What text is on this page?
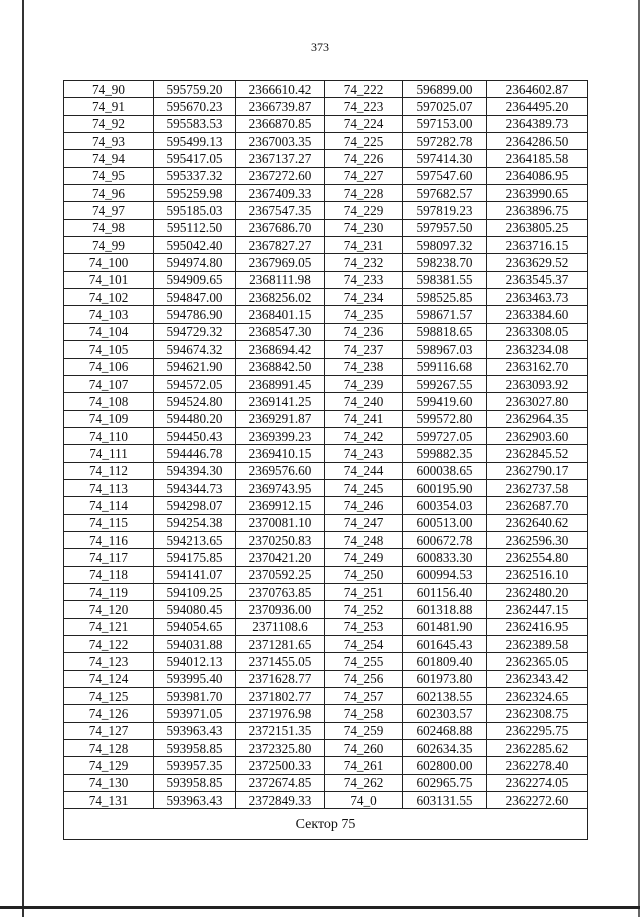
373
74_90	595759.20	2366610.42	74_222	596899.00	2364602.87
74_91	595670.23	2366739.87	74_223	597025.07	2364495.20
74_92	595583.53	2366870.85	74_224	597153.00	2364389.73
74_93	595499.13	2367003.35	74_225	597282.78	2364286.50
74_94	595417.05	2367137.27	74_226	597414.30	2364185.58
74_95	595337.32	2367272.60	74_227	597547.60	2364086.95
74_96	595259.98	2367409.33	74_228	597682.57	2363990.65
74_97	595185.03	2367547.35	74_229	597819.23	2363896.75
74_98	595112.50	2367686.70	74_230	597957.50	2363805.25
74_99	595042.40	2367827.27	74_231	598097.32	2363716.15
74_100	594974.80	2367969.05	74_232	598238.70	2363629.52
74_101	594909.65	2368111.98	74_233	598381.55	2363545.37
74_102	594847.00	2368256.02	74_234	598525.85	2363463.73
74_103	594786.90	2368401.15	74_235	598671.57	2363384.60
74_104	594729.32	2368547.30	74_236	598818.65	2363308.05
74_105	594674.32	2368694.42	74_237	598967.03	2363234.08
74_106	594621.90	2368842.50	74_238	599116.68	2363162.70
74_107	594572.05	2368991.45	74_239	599267.55	2363093.92
74_108	594524.80	2369141.25	74_240	599419.60	2363027.80
74_109	594480.20	2369291.87	74_241	599572.80	2362964.35
74_110	594450.43	2369399.23	74_242	599727.05	2362903.60
74_111	594446.78	2369410.15	74_243	599882.35	2362845.52
74_112	594394.30	2369576.60	74_244	600038.65	2362790.17
74_113	594344.73	2369743.95	74_245	600195.90	2362737.58
74_114	594298.07	2369912.15	74_246	600354.03	2362687.70
74_115	594254.38	2370081.10	74_247	600513.00	2362640.62
74_116	594213.65	2370250.83	74_248	600672.78	2362596.30
74_117	594175.85	2370421.20	74_249	600833.30	2362554.80
74_118	594141.07	2370592.25	74_250	600994.53	2362516.10
74_119	594109.25	2370763.85	74_251	601156.40	2362480.20
74_120	594080.45	2370936.00	74_252	601318.88	2362447.15
74_121	594054.65	2371108.6	74_253	601481.90	2362416.95
74_122	594031.88	2371281.65	74_254	601645.43	2362389.58
74_123	594012.13	2371455.05	74_255	601809.40	2362365.05
74_124	593995.40	2371628.77	74_256	601973.80	2362343.42
74_125	593981.70	2371802.77	74_257	602138.55	2362324.65
74_126	593971.05	2371976.98	74_258	602303.57	2362308.75
74_127	593963.43	2372151.35	74_259	602468.88	2362295.75
74_128	593958.85	2372325.80	74_260	602634.35	2362285.62
74_129	593957.35	2372500.33	74_261	602800.00	2362278.40
74_130	593958.85	2372674.85	74_262	602965.75	2362274.05
74_131	593963.43	2372849.33	74_0	603131.55	2362272.60
Сектор 75					
